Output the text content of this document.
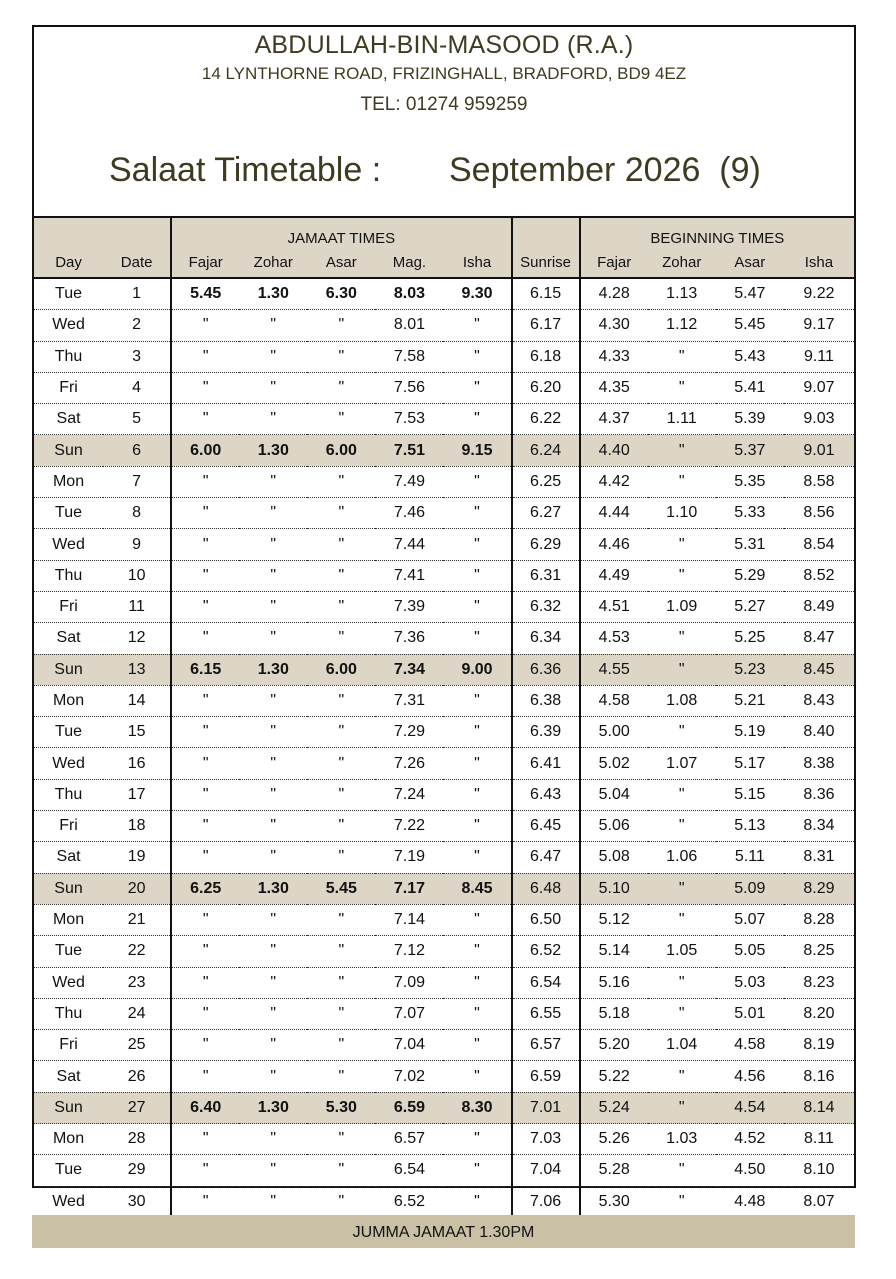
ABDULLAH-BIN-MASOOD (R.A.)
14 LYNTHORNE ROAD, FRIZINGHALL, BRADFORD, BD9 4EZ
TEL: 01274 959259
Salaat Timetable : September 2026  (9)
		JAMAAT TIMES						BEGINNING TIMES			
Day	Date	Fajar	Zohar	Asar	Mag.	Isha	Sunrise	Fajar	Zohar	Asar	Isha
Tue	1	5.45	1.30	6.30	8.03	9.30	6.15	4.28	1.13	5.47	9.22
Wed	2	"	"	"	8.01	"	6.17	4.30	1.12	5.45	9.17
Thu	3	"	"	"	7.58	"	6.18	4.33	"	5.43	9.11
Fri	4	"	"	"	7.56	"	6.20	4.35	"	5.41	9.07
Sat	5	"	"	"	7.53	"	6.22	4.37	1.11	5.39	9.03
Sun	6	6.00	1.30	6.00	7.51	9.15	6.24	4.40	"	5.37	9.01
Mon	7	"	"	"	7.49	"	6.25	4.42	"	5.35	8.58
Tue	8	"	"	"	7.46	"	6.27	4.44	1.10	5.33	8.56
Wed	9	"	"	"	7.44	"	6.29	4.46	"	5.31	8.54
Thu	10	"	"	"	7.41	"	6.31	4.49	"	5.29	8.52
Fri	11	"	"	"	7.39	"	6.32	4.51	1.09	5.27	8.49
Sat	12	"	"	"	7.36	"	6.34	4.53	"	5.25	8.47
Sun	13	6.15	1.30	6.00	7.34	9.00	6.36	4.55	"	5.23	8.45
Mon	14	"	"	"	7.31	"	6.38	4.58	1.08	5.21	8.43
Tue	15	"	"	"	7.29	"	6.39	5.00	"	5.19	8.40
Wed	16	"	"	"	7.26	"	6.41	5.02	1.07	5.17	8.38
Thu	17	"	"	"	7.24	"	6.43	5.04	"	5.15	8.36
Fri	18	"	"	"	7.22	"	6.45	5.06	"	5.13	8.34
Sat	19	"	"	"	7.19	"	6.47	5.08	1.06	5.11	8.31
Sun	20	6.25	1.30	5.45	7.17	8.45	6.48	5.10	"	5.09	8.29
Mon	21	"	"	"	7.14	"	6.50	5.12	"	5.07	8.28
Tue	22	"	"	"	7.12	"	6.52	5.14	1.05	5.05	8.25
Wed	23	"	"	"	7.09	"	6.54	5.16	"	5.03	8.23
Thu	24	"	"	"	7.07	"	6.55	5.18	"	5.01	8.20
Fri	25	"	"	"	7.04	"	6.57	5.20	1.04	4.58	8.19
Sat	26	"	"	"	7.02	"	6.59	5.22	"	4.56	8.16
Sun	27	6.40	1.30	5.30	6.59	8.30	7.01	5.24	"	4.54	8.14
Mon	28	"	"	"	6.57	"	7.03	5.26	1.03	4.52	8.11
Tue	29	"	"	"	6.54	"	7.04	5.28	"	4.50	8.10
Wed	30	"	"	"	6.52	"	7.06	5.30	"	4.48	8.07
JUMMA JAMAAT 1.30PM
